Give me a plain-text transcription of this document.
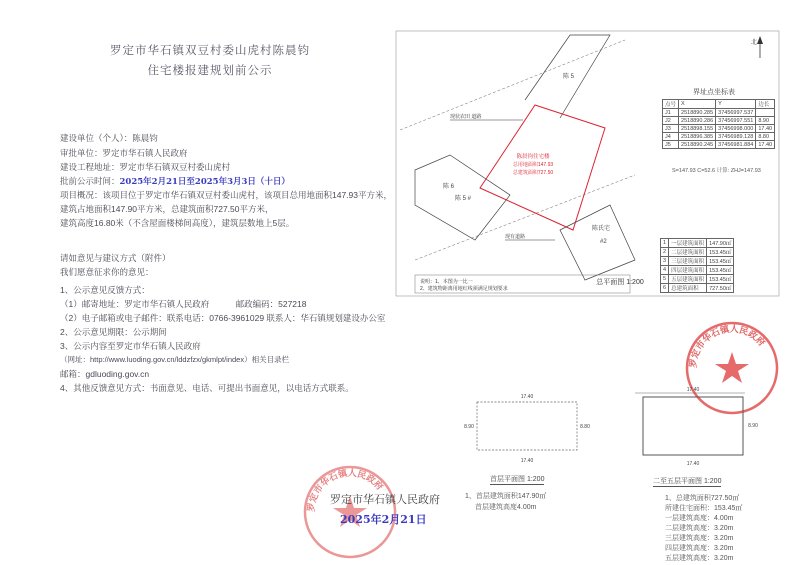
罗定市华石镇双豆村委山虎村陈晨钧
住宅楼报建规划前公示
建设单位（个人）：陈晨钧
审批单位：罗定市华石镇人民政府
建设工程地址：罗定市华石镇双豆村委山虎村
批前公示时间：2025年2月21日至2025年3月3日（十日）
项目概况：该项目位于罗定市华石镇双豆村委山虎村，该项目总用地面积147.93平方米，
建筑占地面积147.90平方米，总建筑面积727.50平方米，
建筑高度16.80米（不含屋面楼梯间高度），建筑层数地上5层。
请如意见与建议方式（附件）
我们愿意征求你的意见：
1、公示意见反馈方式：
（1）邮寄地址：罗定市华石镇人民政府	邮政编码：527218
（2）电子邮箱或电子邮件：联系电话：0766-3961029 联系人：华石镇规划建设办公室
2、公示意见期限：公示期间
3、公示内容至罗定市华石镇人民政府
（网址：http://www.luoding.gov.cn/lddzfzx/gkmlpt/index）相关目录栏
邮箱：gdluoding.gov.cn
4、其他反馈意见方式：书面意见、电话、可提出书面意见，以电话方式联系。
北
陈 5
陈 6
陈 5 #
现状农田 道路
陈晨钧住宅楼
总用地面积147.93
总建筑面积727.50
陈氏宅
#2
现有道路
说明：1、本图为一比一
2、建筑物距离用地红线须满足规划要求
总平面图 1:200
界址点坐标表
点号	X	Y	边长
J1	2518890.285	37456997.537	
J2	2518890.286	37456997.551	8.90
J3	2518898.155	37456998.000	17.40
J4	2518896.385	37456989.128	8.80
J5	2518890.245	37456981.884	17.40
S=147.93 C=52.6 计算: ZHJ=147.93
1	一层建筑面积	147.90㎡
2	二层建筑面积	153.45㎡
3	三层建筑面积	153.45㎡
4	四层建筑面积	153.45㎡
5	五层建筑面积	153.45㎡
6	总建筑面积	727.50㎡
罗定市华石镇人民政府
罗定市华石镇人民政府
17.40
17.40
8.90	8.80
首层平面图 1:200
1、首层建筑面积147.90㎡
首层建筑高度4.00m
17.40
8.90
17.40
二至五层平面图 1:200
1、总建筑面积727.50㎡
所建住宅面积：153.45㎡
一层建筑高度：4.00m
二层建筑高度：3.20m
三层建筑高度：3.20m
四层建筑高度：3.20m
五层建筑高度：3.20m
罗定市华石镇人民政府
2025年2月21日
